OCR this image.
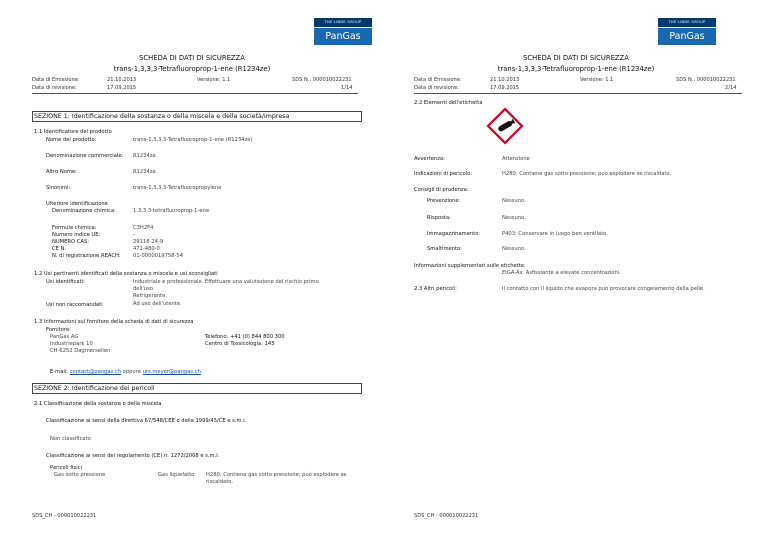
THE LINDE GROUP
PanGas
SCHEDA DI DATI DI SICUREZZA
trans-1,3,3,3-Tetrafluoroprop-1-ene (R1234ze)
Data di Emissione:	21.10.2013	Versione: 1.1	SDS N.: 000010022231
Data di revisione:	17.09.2015	1/14
SEZIONE 1: Identificazione della sostanza o della miscela e della società/impresa
1.1 Identificatore del prodotto
Nome del prodotto:	trans-1,3,3,3-Tetrafluoroprop-1-ene (R1234ze)
Denominazione commerciale: R1234ze
Altro Nome:	R1234ze
Sinonimi:	trans-1,3,3,3-Tetrafluoropropylene
Ulteriore identificazione
Denominazione chimica:	1,3,3,3-tetrafluoroprop-1-ene
Formula chimica:	C3H2F4
Numero indice UE:	-
NUMERO CAS:	29118-24-9
CE N.	471-480-0
N. di registrazione REACH: 01-0000019758-54
1.2 Usi pertinenti identificati della sostanza o miscela e usi sconsigliati
Usi identificati:	Industriale e professionale. Effettuare una valutazione del rischio primo
dell'uso.
Refrigerante.
Usi non raccomandati	Ad uso dell'utente.
1.3 Informazioni sul fornitore della scheda di dati di sicurezza
Fornitore:
PanGas AG
Industriepark 10
CH-6252 Dagmersellen
Telefono: +41 (0) 844 800 300
Centro di Tossicologia: 145
E-mail: contact@pangas.ch oppure urs.meyer@pangas.ch
SEZIONE 2: Identificazione dei pericoli
2.1 Classificazione della sostanza o della miscela
Classificazione ai sensi della direttiva 67/548/CEE o della 1999/45/CE e s.m.i.
Non classificato
Classificazione ai sensi del regolamento (CE) n. 1272/2008 e s.m.i.
Pericoli fisici
Gas sotto pressione	Gas liquefatto H280: Contiene gas sotto pressione; può esplodere se
riscaldato.
SDS_CH - 000010022231
THE LINDE GROUP
PanGas
SCHEDA DI DATI DI SICUREZZA
trans-1,3,3,3-Tetrafluoroprop-1-ene (R1234ze)
Data di Emissione:	21.10.2013	Versione: 1.1	SDS N.: 000010022231
Data di revisione:	17.09.2015	2/14
2.2 Elementi dell'etichetta
Avvertenza:	Attenzione
Indicazioni di pericolo:	H280: Contiene gas sotto pressione; può esplodere se riscaldato.
Consigli di prudenza:
Prevenzione:	Nessuno.
Risposta:	Nessuno.
Immagazzinamento:	P403: Conservare in luogo ben ventilato.
Smaltimento:	Nessuno.
Informazioni supplementari sulle etichette:
EIGA-As: Asfissiante a elevate concentrazioni.
2.3 Altri pericoli:	Il contatto con il liquido che evapora può provocare congelamento della pelle.
SDS_CH - 000010022231
